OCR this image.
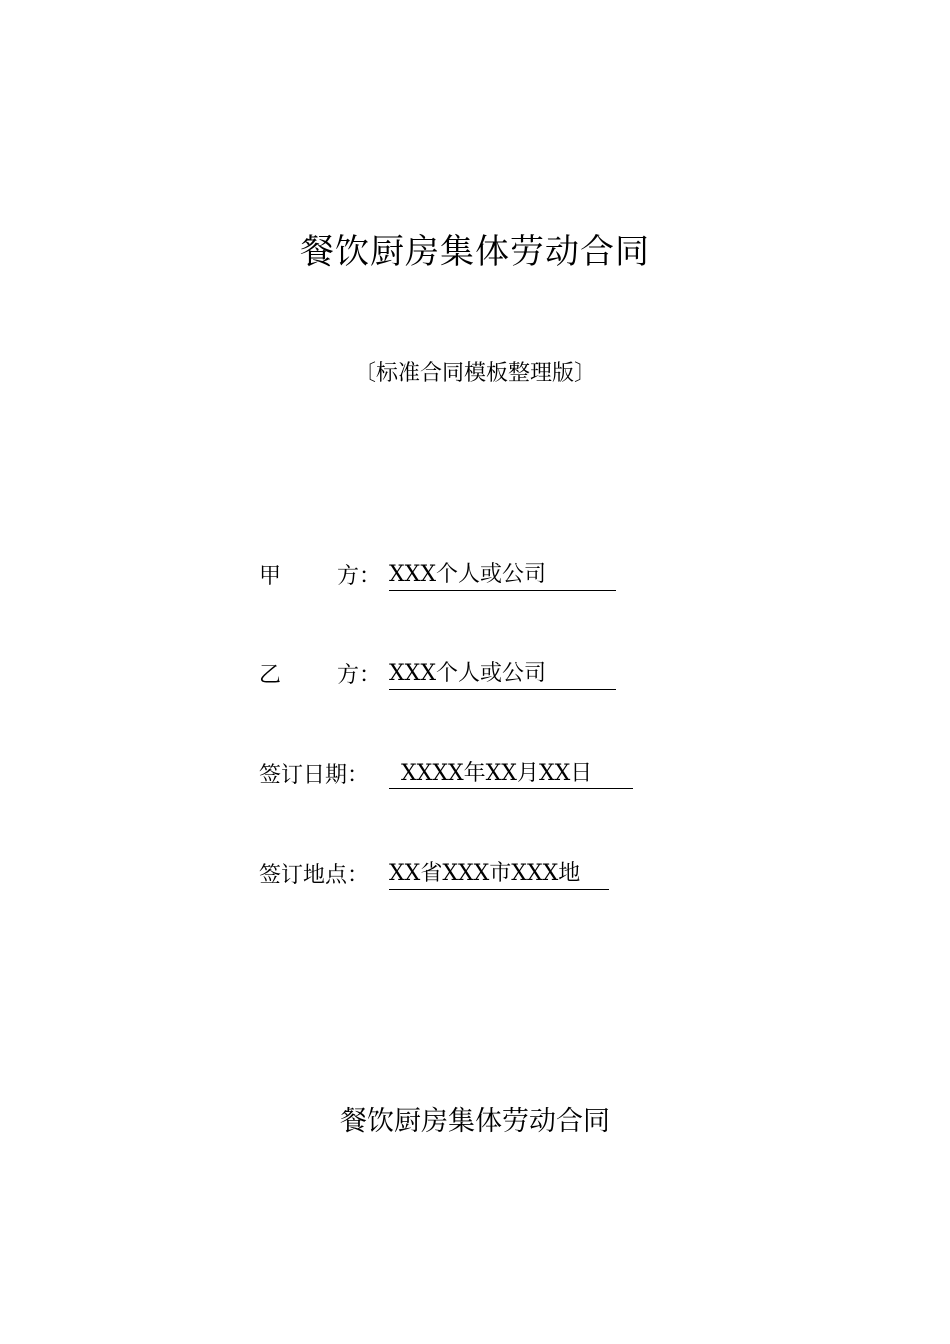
餐饮厨房集体劳动合同
〔标准合同模板整理版〕
甲	方： XXX个人或公司
乙	方： XXX个人或公司
签订日期：	XXXX年XX月XX日
签订地点： XX省XXX市XXX地
餐饮厨房集体劳动合同
